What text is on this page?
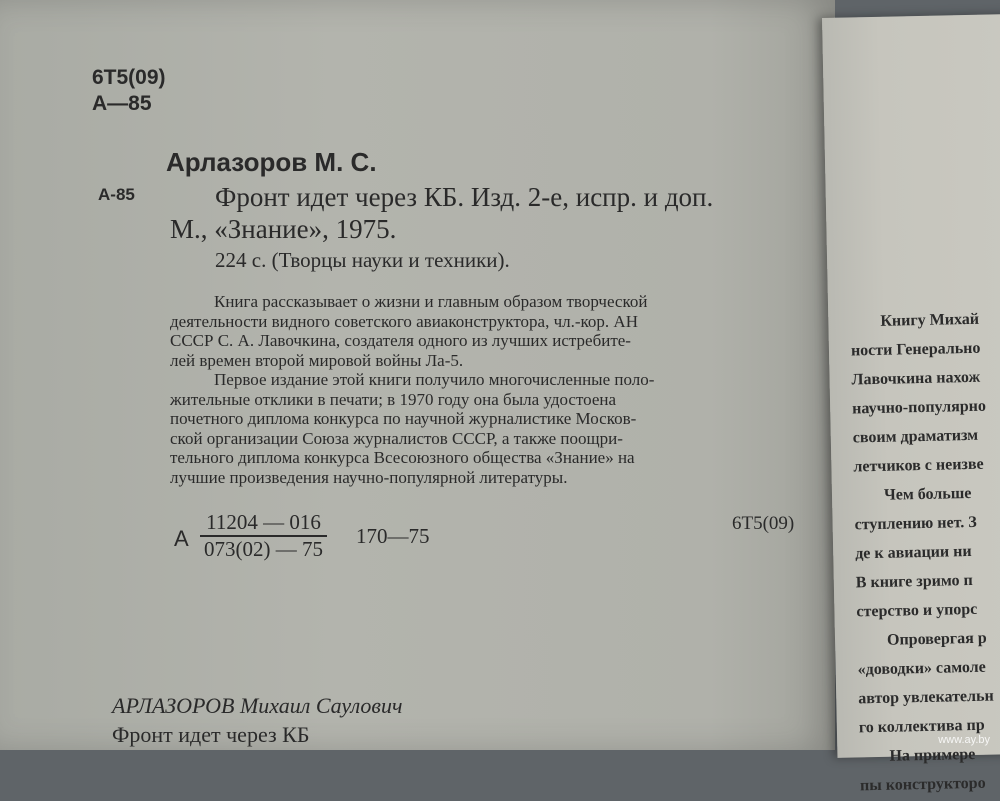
Книгу Михай

ности Генерально

Лавочкина нахож

научно-популярно

своим драматизм

летчиков с неизве

Чем больше

ступлению нет. З

де к авиации ни

В книге зримо п

стерство и упорс

Опровергая р

«доводки» самоле

автор увлекательн

го коллектива пр

На примере

пы конструкторо

6Т5(09)
А—85
Арлазоров М. С.
А-85	Фронт идет через КБ. Изд. 2-е, испр. и доп.
М., «Знание», 1975.
224 с. (Творцы науки и техники).

Книга рассказывает о жизни и главным образом творческой

деятельности видного советского авиаконструктора, чл.-кор. АН

СССР С. А. Лавочкина, создателя одного из лучших истребите-

лей времен второй мировой войны Ла-5.

Первое издание этой книги получило многочисленные поло-

жительные отклики в печати; в 1970 году она была удостоена

почетного диплома конкурса по научной журналистике Москов-

ской организации Союза журналистов СССР, а также поощри-

тельного диплома конкурса Всесоюзного общества «Знание» на

лучшие произведения научно-популярной литературы.

А $\frac{11204 — 016}{073(02) — 75}$ 170—75
6Т5(09)
АРЛАЗОРОВ Михаил Саулович
Фронт идет через КБ	www.ay.by
